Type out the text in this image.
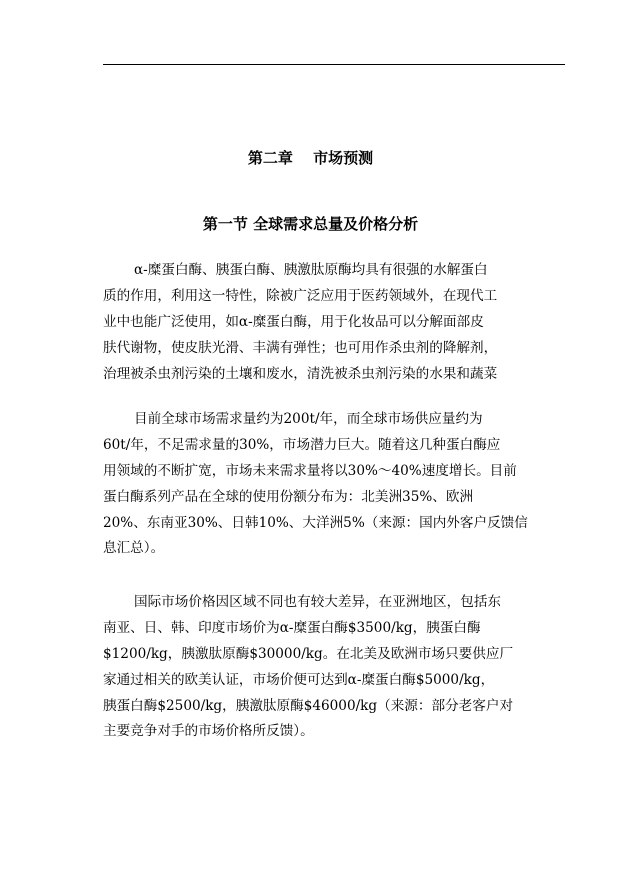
第二章　 市场预测
第一节 全球需求总量及价格分析
α-糜蛋白酶、胰蛋白酶、胰激肽原酶均具有很强的水解蛋白
质的作用，利用这一特性，除被广泛应用于医药领域外，在现代工
业中也能广泛使用，如α-糜蛋白酶，用于化妆品可以分解面部皮
肤代谢物，使皮肤光滑、丰满有弹性；也可用作杀虫剂的降解剂，
治理被杀虫剂污染的土壤和废水，清洗被杀虫剂污染的水果和蔬菜
目前全球市场需求量约为200t/年，而全球市场供应量约为
60t/年，不足需求量的30%，市场潜力巨大。随着这几种蛋白酶应
用领域的不断扩宽，市场未来需求量将以30%～40%速度增长。目前
蛋白酶系列产品在全球的使用份额分布为：北美洲35%、欧洲
20%、东南亚30%、日韩10%、大洋洲5%（来源：国内外客户反馈信
息汇总）。
国际市场价格因区域不同也有较大差异，在亚洲地区，包括东
南亚、日、韩、印度市场价为α-糜蛋白酶$3500/kg，胰蛋白酶
$1200/kg，胰激肽原酶$30000/kg。在北美及欧洲市场只要供应厂
家通过相关的欧美认证，市场价便可达到α-糜蛋白酶$5000/kg，
胰蛋白酶$2500/kg，胰激肽原酶$46000/kg（来源：部分老客户对
主要竞争对手的市场价格所反馈）。
